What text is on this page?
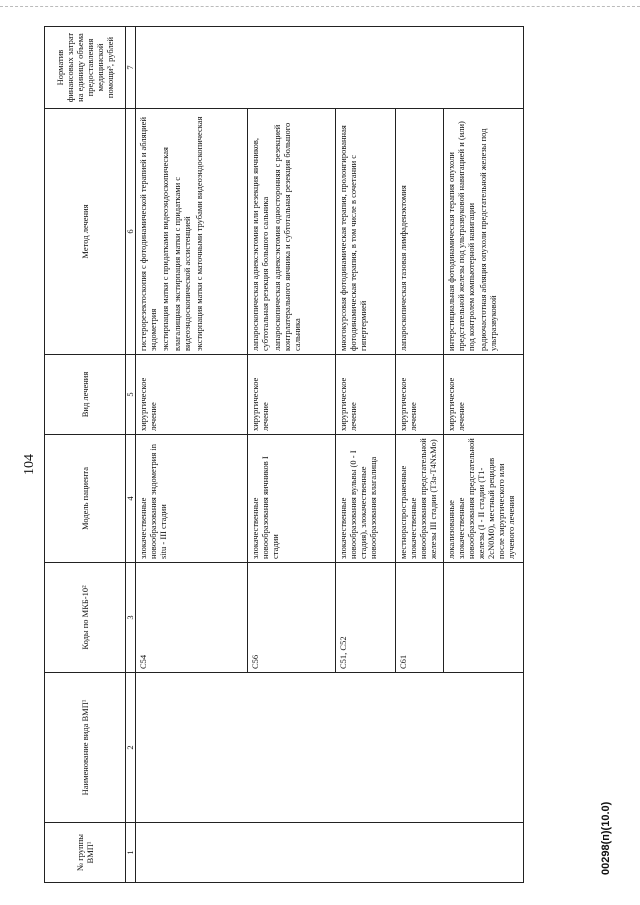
104
№ группы ВМП¹	Наименование вида ВМП¹	Коды по МКБ-10²	Модель пациента	Вид лечения	Метод лечения	Норматив финансовых затрат на единицу объема предоставления медицинской помощи³, рублей
1	2	3	4	5	6	7
		C54	злокачественные новообразования эндометрия in situ - III стадии	хирургическое лечение	гистерорезектоскопия с фотодинамической терапией и абляцией эндометрия экстирпация матки с придатками видеоэндоскопическая влагалищная экстирпация матки с придатками с видеоэндоскопической ассистенцией экстирпация матки с маточными трубами видеоэндоскопическая	

		C56	злокачественные новообразования яичников I стадии	хирургическое лечение	лапароскопическая аднексэктомия или резекция яичников, субтотальная резекция большого сальника лапароскопическая аднексэктомия односторонняя с резекцией контрлатерального яичника и субтотальная резекция большого сальника	

		C51, C52	злокачественные новообразования вульвы (0 - I стадия), злокачественные новообразования влагалища	хирургическое лечение	многокурсовая фотодинамическая терапия, пролонгированная фотодинамическая терапия, в том числе в сочетании с гипертермией	

		C61	местнораспространенные злокачественные новообразования предстательной железы III стадии (T3a-T4NxMo)	хирургическое лечение	лапароскопическая тазовая лимфаденэктомия	

			локализованные злокачественные новообразования предстательной железы (I - II стадии (T1-2cN0M0), местный рецидив после хирургического или лучевого лечения	хирургическое лечение	интерстициальная фотодинамическая терапия опухоли предстательной железы под ультразвуковой навигацией и (или) под контролем компьютерной навигации радиочастотная абляция опухоли предстательной железы под ультразвуковой	

00298(п)(10.0)
